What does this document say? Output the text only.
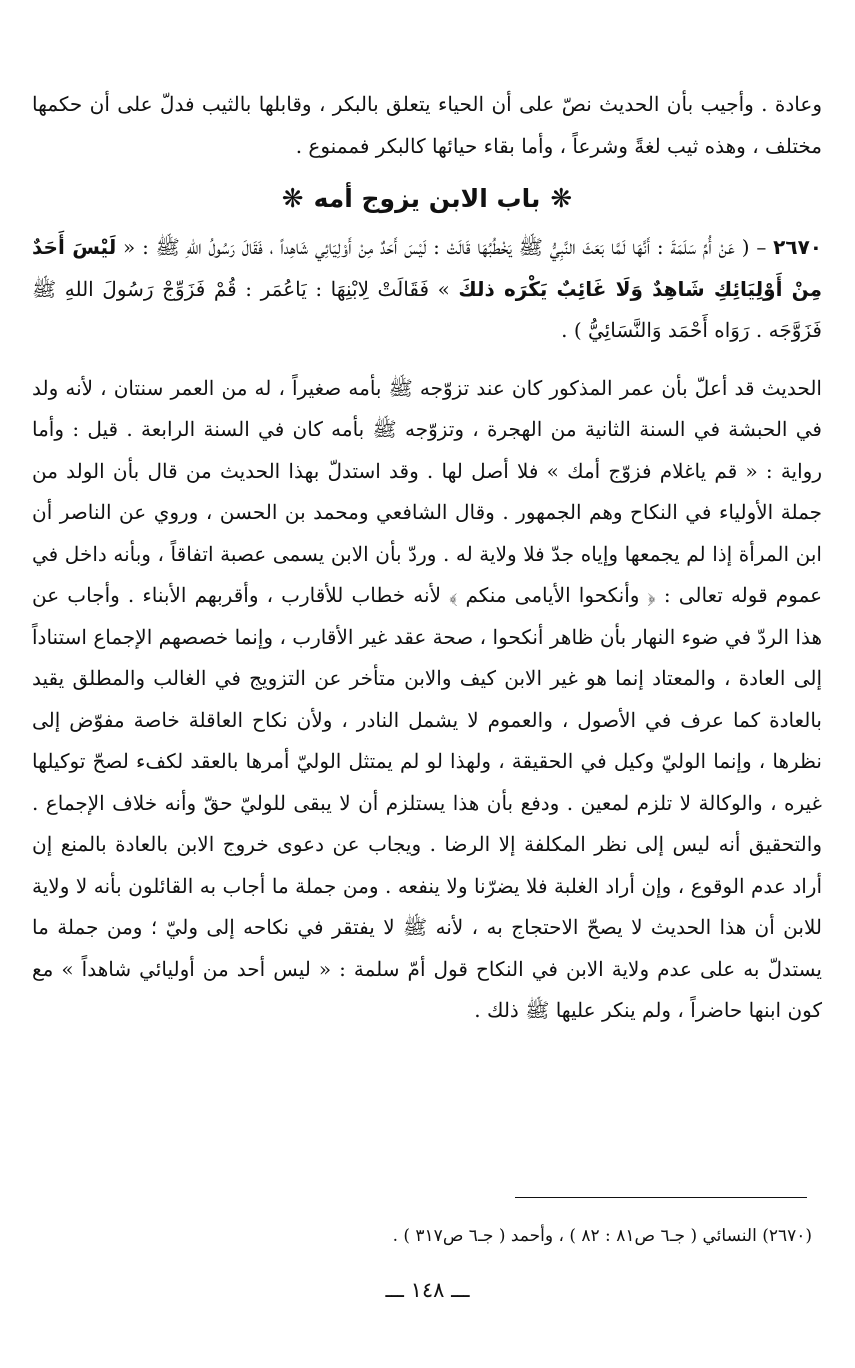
وعادة . وأجيب بأن الحديث نصّ على أن الحياء يتعلق بالبكر ، وقابلها بالثيب فدلّ على أن حكمها مختلف ، وهذه ثيب لغةً وشرعاً ، وأما بقاء حيائها كالبكر فممنوع .

❋باب الابن يزوج أمه❋

٢٦٧٠ – ( عَنْ أُمِّ سَلَمَةَ : أَنَّهَا لَمَّا بَعَثَ النَّبِيُّ ﷺ يَخْطُبُهَا قَالَتْ : لَيْسَ أَحَدٌ مِنْ أَوْلِيَائِي شَاهِداً ، فَقَالَ رَسُولُ اللهِ ﷺ : « لَيْسَ أَحَدٌ مِنْ أَوْلِيَائِكِ شَاهِدٌ وَلَا غَائِبٌ يَكْرَه ذلكَ » فَقَالَتْ لِابْنِهَا : يَاعُمَر : قُمْ فَزَوِّجْ رَسُولَ اللهِ ﷺ فَزَوَّجَه . رَوَاه أَحْمَد وَالنَّسَائِيُّ ) .

الحديث قد أعلّ بأن عمر المذكور كان عند تزوّجه ﷺ بأمه صغيراً ، له من العمر سنتان ، لأنه ولد في الحبشة في السنة الثانية من الهجرة ، وتزوّجه ﷺ بأمه كان في السنة الرابعة . قيل : وأما رواية : « قم ياغلام فزوّج أمك » فلا أصل لها . وقد استدلّ بهذا الحديث من قال بأن الولد من جملة الأولياء في النكاح وهم الجمهور . وقال الشافعي ومحمد بن الحسن ، وروي عن الناصر أن ابن المرأة إذا لم يجمعها وإياه جدّ فلا ولاية له . وردّ بأن الابن يسمى عصبة اتفاقاً ، وبأنه داخل في عموم قوله تعالى : ﴿ وأنكحوا الأيامى منكم ﴾ لأنه خطاب للأقارب ، وأقربهم الأبناء . وأجاب عن هذا الردّ في ضوء النهار بأن ظاهر أنكحوا ، صحة عقد غير الأقارب ، وإنما خصصهم الإجماع استناداً إلى العادة ، والمعتاد إنما هو غير الابن كيف والابن متأخر عن التزويج في الغالب والمطلق يقيد بالعادة كما عرف في الأصول ، والعموم لا يشمل النادر ، ولأن نكاح العاقلة خاصة مفوّض إلى نظرها ، وإنما الوليّ وكيل في الحقيقة ، ولهذا لو لم يمتثل الوليّ أمرها بالعقد لكفء لصحّ توكيلها غيره ، والوكالة لا تلزم لمعين . ودفع بأن هذا يستلزم أن لا يبقى للوليّ حقّ وأنه خلاف الإجماع . والتحقيق أنه ليس إلى نظر المكلفة إلا الرضا . ويجاب عن دعوى خروج الابن بالعادة بالمنع إن أراد عدم الوقوع ، وإن أراد الغلبة فلا يضرّنا ولا ينفعه . ومن جملة ما أجاب به القائلون بأنه لا ولاية للابن أن هذا الحديث لا يصحّ الاحتجاج به ، لأنه ﷺ لا يفتقر في نكاحه إلى وليّ ؛ ومن جملة ما يستدلّ به على عدم ولاية الابن في النكاح قول أمّ سلمة : « ليس أحد من أوليائي شاهداً » مع كون ابنها حاضراً ، ولم ينكر عليها ﷺ ذلك .

(٢٦٧٠) النسائي ( جـ٦ ص٨١ : ٨٢ ) ، وأحمد ( جـ٦ ص٣١٧ ) .
ـــ ١٤٨ ـــ
